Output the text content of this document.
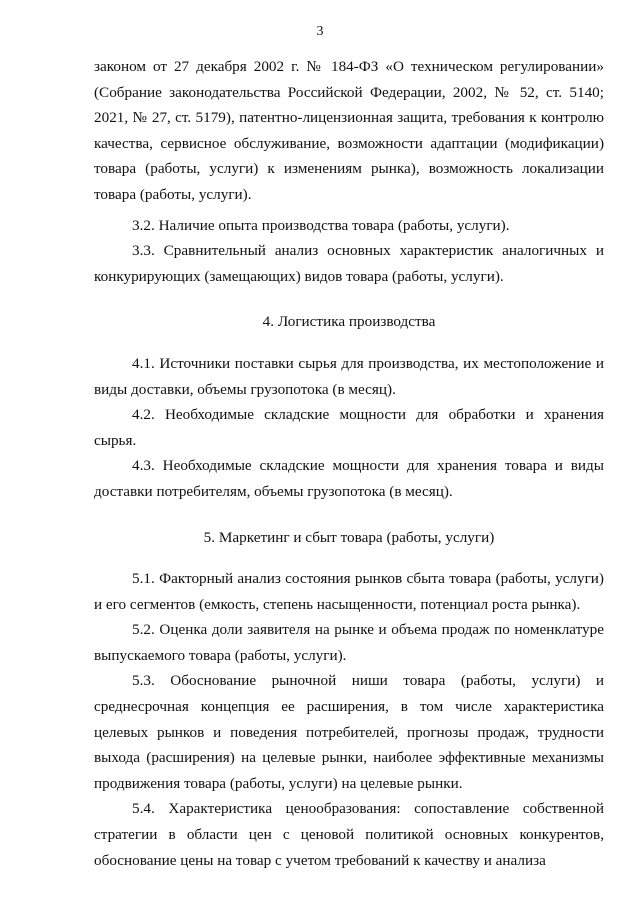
3

законом от 27 декабря 2002 г. № 184-ФЗ «О техническом регулировании» (Собрание законодательства Российской Федерации, 2002, № 52, ст. 5140; 2021, № 27, ст. 5179), патентно-лицензионная защита, требования к контролю качества, сервисное обслуживание, возможности адаптации (модификации) товара (работы, услуги) к изменениям рынка), возможность локализации товара (работы, услуги).

3.2. Наличие опыта производства товара (работы, услуги).

3.3. Сравнительный анализ основных характеристик аналогичных и конкурирующих (замещающих) видов товара (работы, услуги).

4. Логистика производства

4.1. Источники поставки сырья для производства, их местоположение и виды доставки, объемы грузопотока (в месяц).

4.2. Необходимые складские мощности для обработки и хранения сырья.

4.3. Необходимые складские мощности для хранения товара и виды доставки потребителям, объемы грузопотока (в месяц).

5. Маркетинг и сбыт товара (работы, услуги)

5.1. Факторный анализ состояния рынков сбыта товара (работы, услуги) и его сегментов (емкость, степень насыщенности, потенциал роста рынка).

5.2. Оценка доли заявителя на рынке и объема продаж по номенклатуре выпускаемого товара (работы, услуги).

5.3. Обоснование рыночной ниши товара (работы, услуги) и среднесрочная концепция ее расширения, в том числе характеристика целевых рынков и поведения потребителей, прогнозы продаж, трудности выхода (расширения) на целевые рынки, наиболее эффективные механизмы продвижения товара (работы, услуги) на целевые рынки.

5.4. Характеристика ценообразования: сопоставление собственной стратегии в области цен с ценовой политикой основных конкурентов, обоснование цены на товар с учетом требований к качеству и анализа
